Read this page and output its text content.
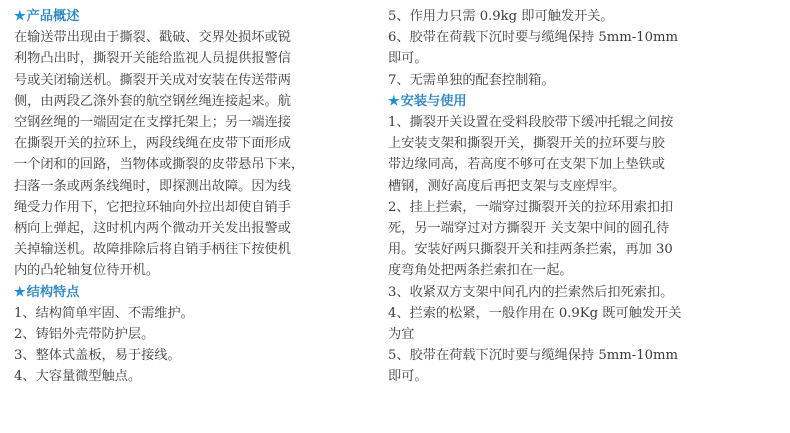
★ 产品概述

在输送带出现由于撕裂、戳破、交界处损坏或锐

利物凸出时，撕裂开关能给监视人员提供报警信

号或关闭输送机。撕裂开关成对安装在传送带两

侧，由两段乙涤外套的航空钢丝绳连接起来。航

空钢丝绳的一端固定在支撑托架上；另一端连接

在撕裂开关的拉环上，两段线绳在皮带下面形成

一个闭和的回路，当物体或撕裂的皮带悬吊下来，

扫落一条或两条线绳时，即探测出故障。因为线

绳受力作用下，它把拉环轴向外拉出却使自销手

柄向上弹起，这时机内两个微动开关发出报警或

关掉输送机。故障排除后将自销手柄往下按使机

内的凸轮轴复位待开机。

★ 结构特点

1、结构简单牢固、不需维护。

2、铸铝外壳带防护层。

3、整体式盖板，易于接线。

4、大容量微型触点。

5、作用力只需 0.9kg 即可触发开关。

6、胶带在荷载下沉时要与缆绳保持 5mm-10mm

即可。

7、无需单独的配套控制箱。

★ 安装与使用

1、撕裂开关设置在受料段胶带下缓冲托辊之间按

上安装支架和撕裂开关，撕裂开关的拉环要与胶

带边缘同高，若高度不够可在支架下加上垫铁或

槽钢，测好高度后再把支架与支座焊牢。

2、挂上拦索，一端穿过撕裂开关的拉环用索扣扣

死，另一端穿过对方撕裂开 关支架中间的圆孔待

用。安装好两只撕裂开关和挂两条拦索，再加 30

度弯角处把两条拦索扣在一起。

3、收紧双方支架中间孔内的拦索然后扣死索扣。

4、拦索的松紧，一般作用在 0.9Kg 既可触发开关

为宜

5、胶带在荷载下沉时要与缆绳保持 5mm-10mm

即可。
